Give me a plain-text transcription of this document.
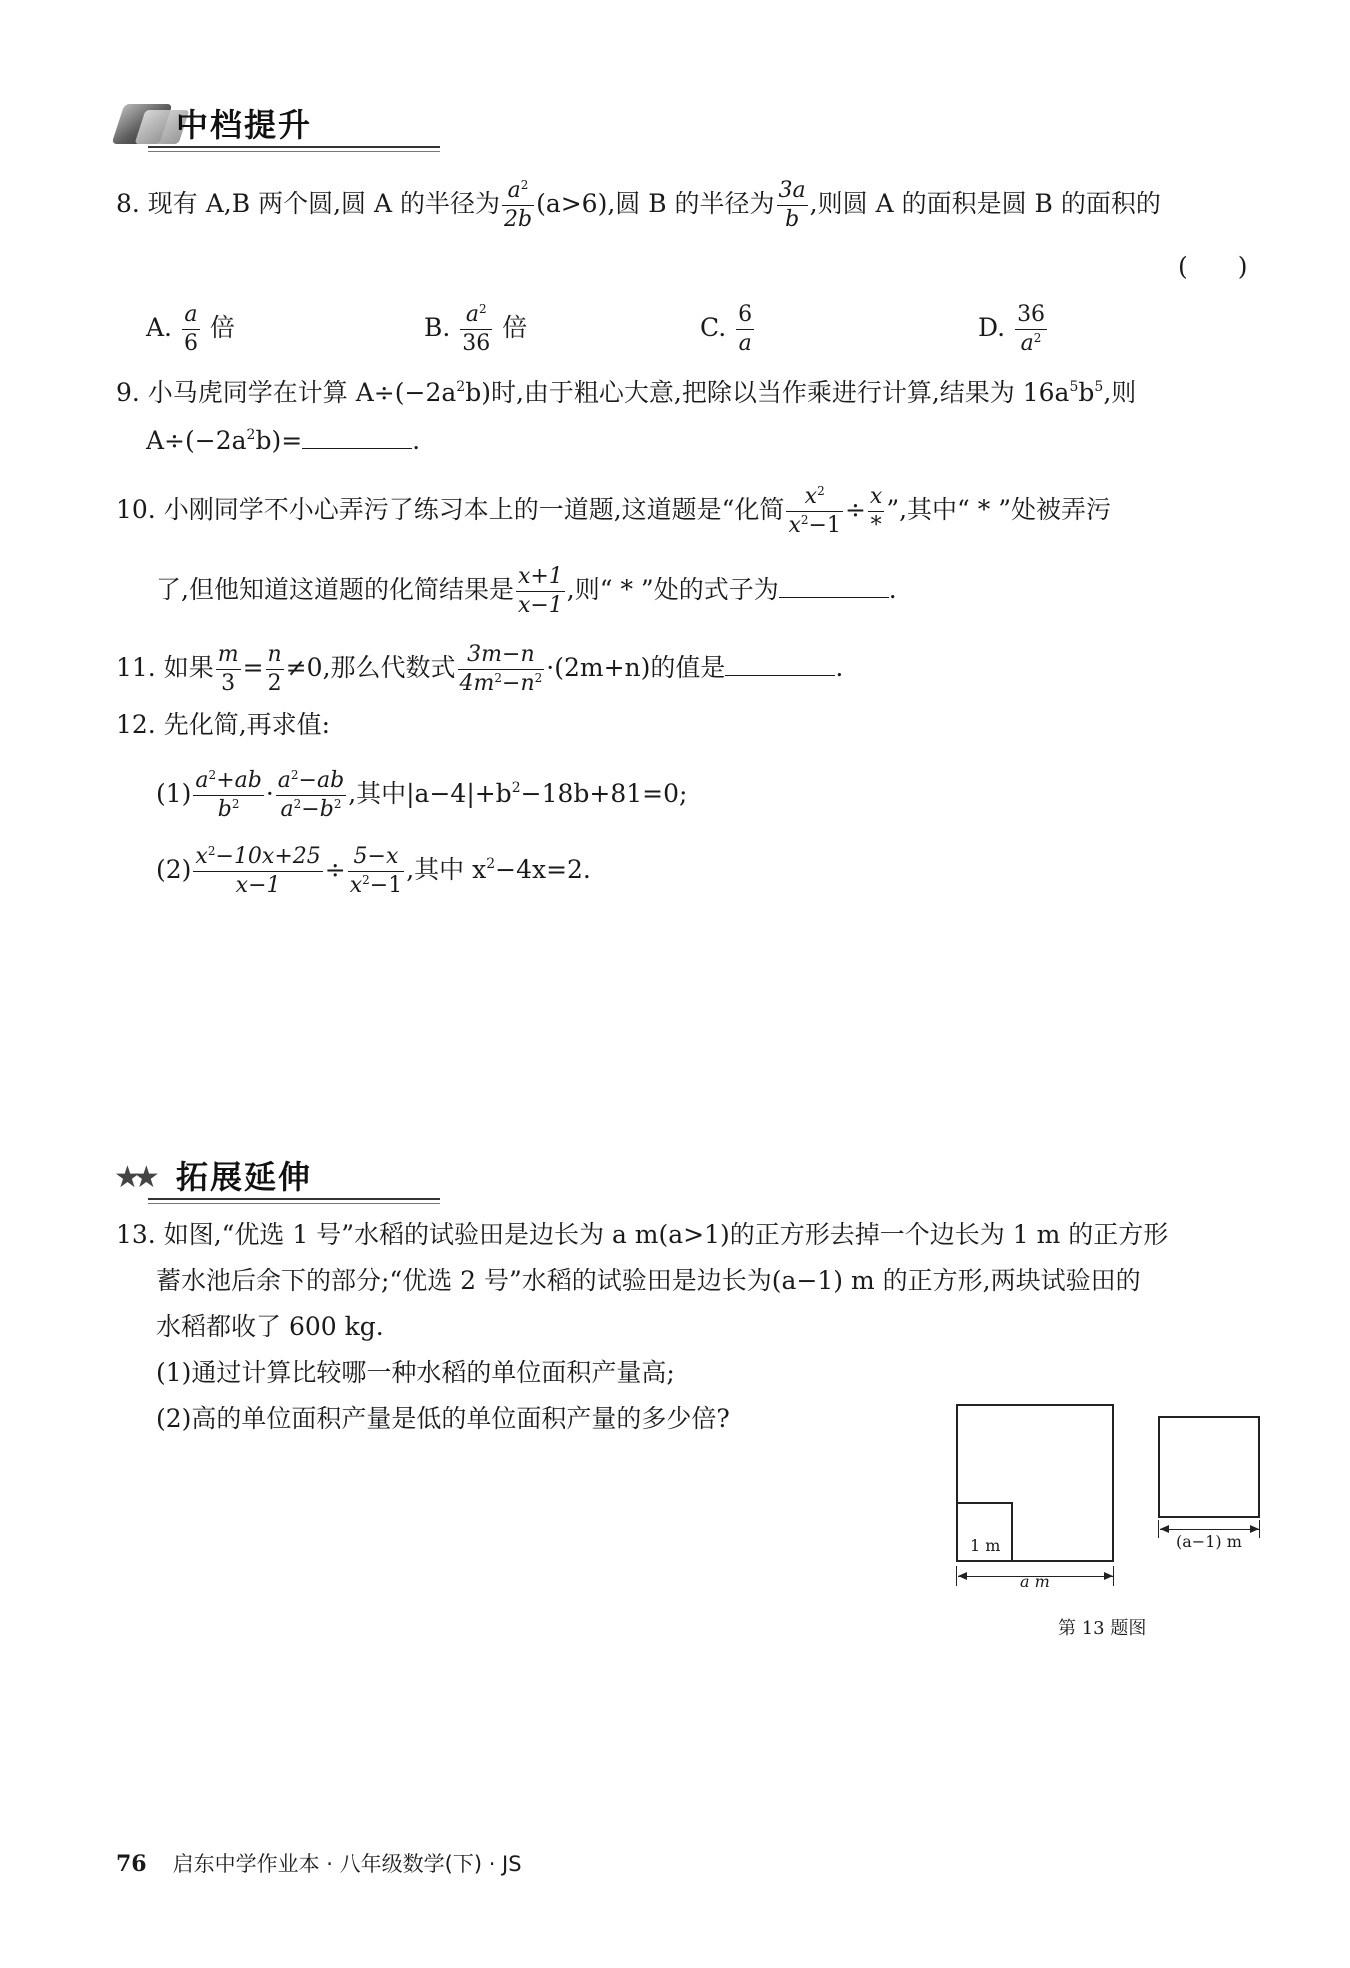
中档提升
8. 现有 A,B 两个圆,圆 A 的半径为 $\frac{a^2}{2b} (a>6)$,圆 B 的半径为 $\frac{3a}{b}$ ,则圆 A 的面积是圆 B 的面积的
(　　)
A. $\frac{a}{6}$ 倍	B. $\frac{a^2}{36}$ 倍	C. $\frac{6}{a}$	D. $\frac{36}{a^2}$
9. 小马虎同学在计算 $A\div(-2a^2b)$时,由于粗心大意,把除以当作乘进行计算,结果为 $16a^5b^5$,则
$A\div(-2a^2b)=$	.
10. 小刚同学不小心弄污了练习本上的一道题,这道题是“化简 $\frac{x^2}{x^2-1} \div \frac{x}{*}$ ”,其中“ * ”处被弄污
了,但他知道这道题的化简结果是 $\frac{x+1}{x-1}$ ,则“ * ”处的式子为	.
11. 如果 $\frac{m}{3} = \frac{n}{2} \ne 0$,那么代数式 $\frac{3m-n}{4m^2-n^2} \cdot(2m+n)$的值是	.
12. 先化简,再求值:
$(1) \frac{a^2+ab}{b^2} \cdot \frac{a^2-ab}{a^2-b^2}$ ,其中$|a-4|+b^2-18b+81=0$;
$(2) \frac{x^2-10x+25}{x-1} \div \frac{5-x}{x^2-1}$ ,其中 $x^2-4x=2$.
★★ 拓展延伸
13. 如图,“优选 1 号”水稻的试验田是边长为 a m(a>1)的正方形去掉一个边长为 1 m 的正方形
蓄水池后余下的部分;“优选 2 号”水稻的试验田是边长为(a−1) m 的正方形,两块试验田的
水稻都收了 600 kg.
(1)通过计算比较哪一种水稻的单位面积产量高;
(2)高的单位面积产量是低的单位面积产量的多少倍?
1 m
a m
(a−1) m
第 13 题图
76 启东中学作业本 · 八年级数学(下) · JS
